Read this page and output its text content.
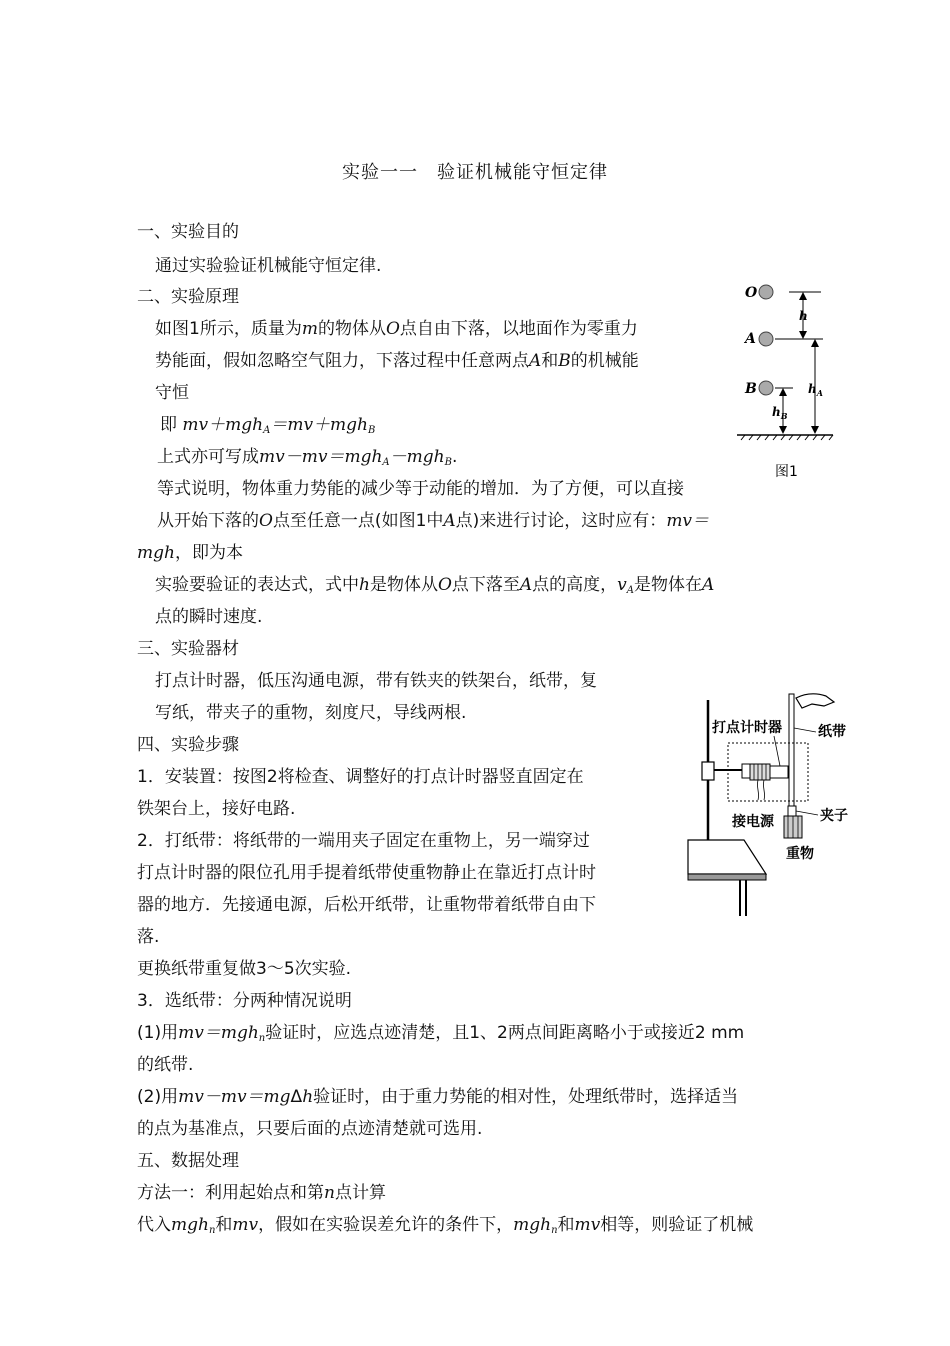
实验一一　验证机械能守恒定律
一、实验目的
通过实验验证机械能守恒定律.
二、实验原理
如图1所示，质量为m的物体从O点自由下落，以地面作为零重力
势能面，假如忽略空气阻力，下落过程中任意两点A和B的机械能
守恒
即 mv＋mgh$_A$＝mv＋mgh$_B$
上式亦可写成mv－mv＝mgh$_A$－mgh$_B$.
等式说明，物体重力势能的减少等于动能的增加．为了方便，可以直接
从开始下落的O点至任意一点(如图1中A点)来进行讨论，这时应有：mv＝
mgh，即为本
实验要验证的表达式，式中h是物体从O点下落至A点的高度，$v_A$是物体在A
点的瞬时速度.
三、实验器材
打点计时器，低压沟通电源，带有铁夹的铁架台，纸带，复
写纸，带夹子的重物，刻度尺，导线两根.
四、实验步骤
1．安装置：按图2将检查、调整好的打点计时器竖直固定在
铁架台上，接好电路.
2．打纸带：将纸带的一端用夹子固定在重物上，另一端穿过
打点计时器的限位孔用手提着纸带使重物静止在靠近打点计时
器的地方．先接通电源，后松开纸带，让重物带着纸带自由下
落.
更换纸带重复做3～5次实验.
3．选纸带：分两种情况说明
(1)用mv＝mgh$_n$验证时，应选点迹清楚，且1、2两点间距离略小于或接近2 mm
的纸带.
(2)用mv－mv＝mgΔh验证时，由于重力势能的相对性，处理纸带时，选择适当
的点为基准点，只要后面的点迹清楚就可选用.
五、数据处理
方法一：利用起始点和第n点计算
代入mgh$_n$和mv，假如在实验误差允许的条件下，mgh$_n$和mv相等，则验证了机械
O
A
B
h
$h_A$
$h_B$
图1
打点计时器	纸带
接电源	夹子
重物
